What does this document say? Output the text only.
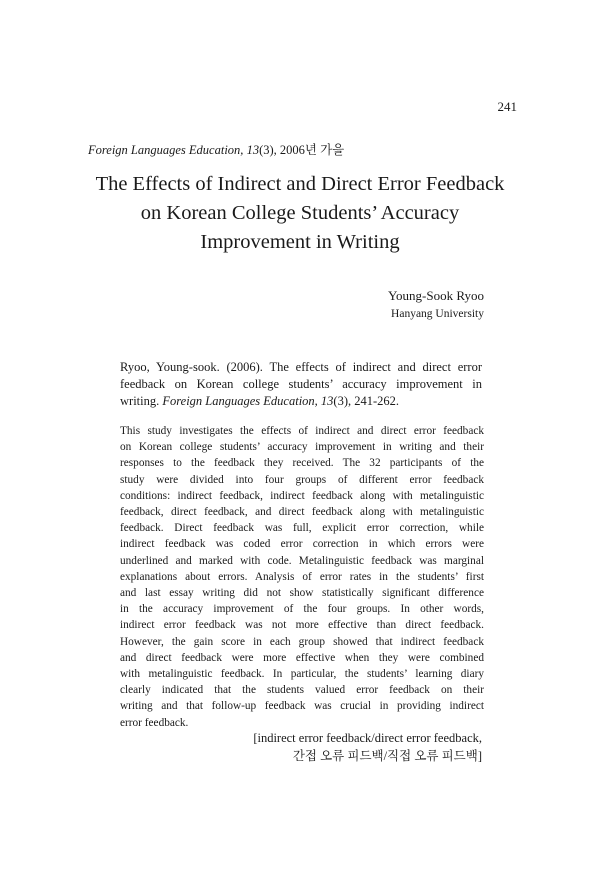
241
Foreign Languages Education, 13(3), 2006년 가을
The Effects of Indirect and Direct Error Feedback
on Korean College Students’ Accuracy
Improvement in Writing
Young-Sook Ryoo
Hanyang University
Ryoo, Young-sook. (2006). The effects of indirect and direct error
feedback on Korean college students’ accuracy improvement in
writing. Foreign Languages Education, 13(3), 241-262.
This study investigates the effects of indirect and direct error feedback
on Korean college students’ accuracy improvement in writing and their
responses to the feedback they received. The 32 participants of the
study were divided into four groups of different error feedback
conditions: indirect feedback, indirect feedback along with metalinguistic
feedback, direct feedback, and direct feedback along with metalinguistic
feedback. Direct feedback was full, explicit error correction, while
indirect feedback was coded error correction in which errors were
underlined and marked with code. Metalinguistic feedback was marginal
explanations about errors. Analysis of error rates in the students’ first
and last essay writing did not show statistically significant difference
in the accuracy improvement of the four groups. In other words,
indirect error feedback was not more effective than direct feedback.
However, the gain score in each group showed that indirect feedback
and direct feedback were more effective when they were combined
with metalinguistic feedback. In particular, the students’ learning diary
clearly indicated that the students valued error feedback on their
writing and that follow-up feedback was crucial in providing indirect
error feedback.
[indirect error feedback/direct error feedback,
간접 오류 피드백/직접 오류 피드백]
